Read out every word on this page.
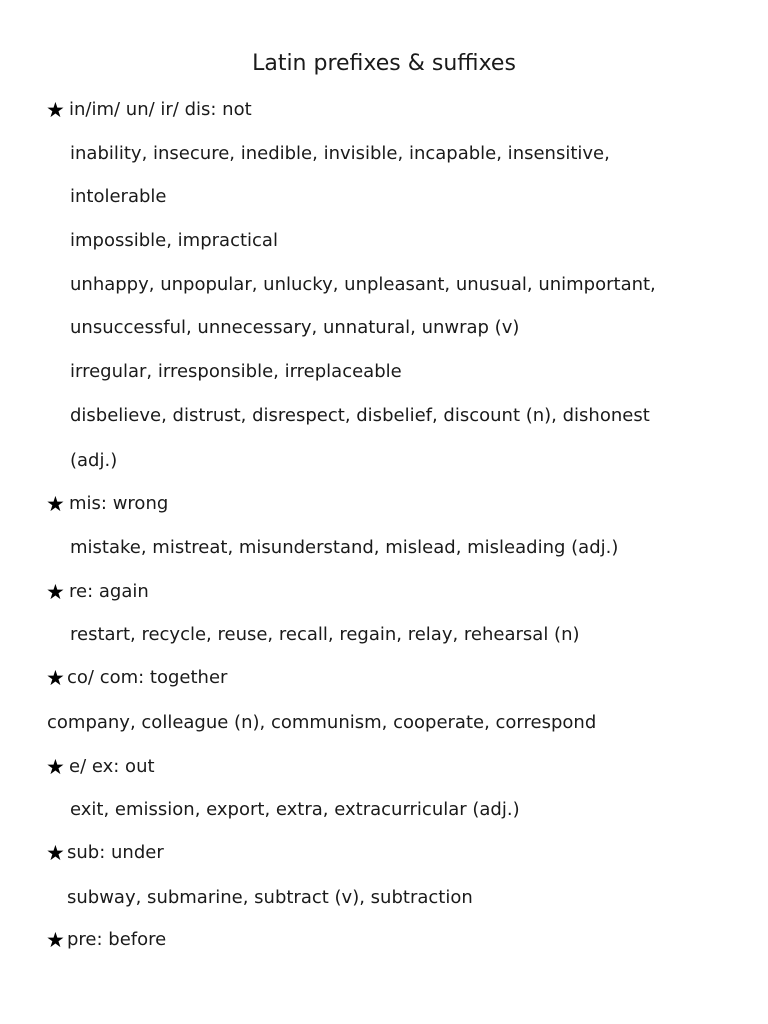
Latin prefixes & suffixes
★ in/im/ un/ ir/ dis: not
inability, insecure, inedible, invisible, incapable, insensitive,
intolerable
impossible, impractical
unhappy, unpopular, unlucky, unpleasant, unusual, unimportant,
unsuccessful, unnecessary, unnatural, unwrap (v)
irregular, irresponsible, irreplaceable
disbelieve, distrust, disrespect, disbelief, discount (n), dishonest
(adj.)
★ mis: wrong
mistake, mistreat, misunderstand, mislead, misleading (adj.)
★ re: again
restart, recycle, reuse, recall, regain, relay, rehearsal (n)
★ co/ com: together
company, colleague (n), communism, cooperate, correspond
★ e/ ex: out
exit, emission, export, extra, extracurricular (adj.)
★ sub: under
subway, submarine, subtract (v), subtraction
★ pre: before
